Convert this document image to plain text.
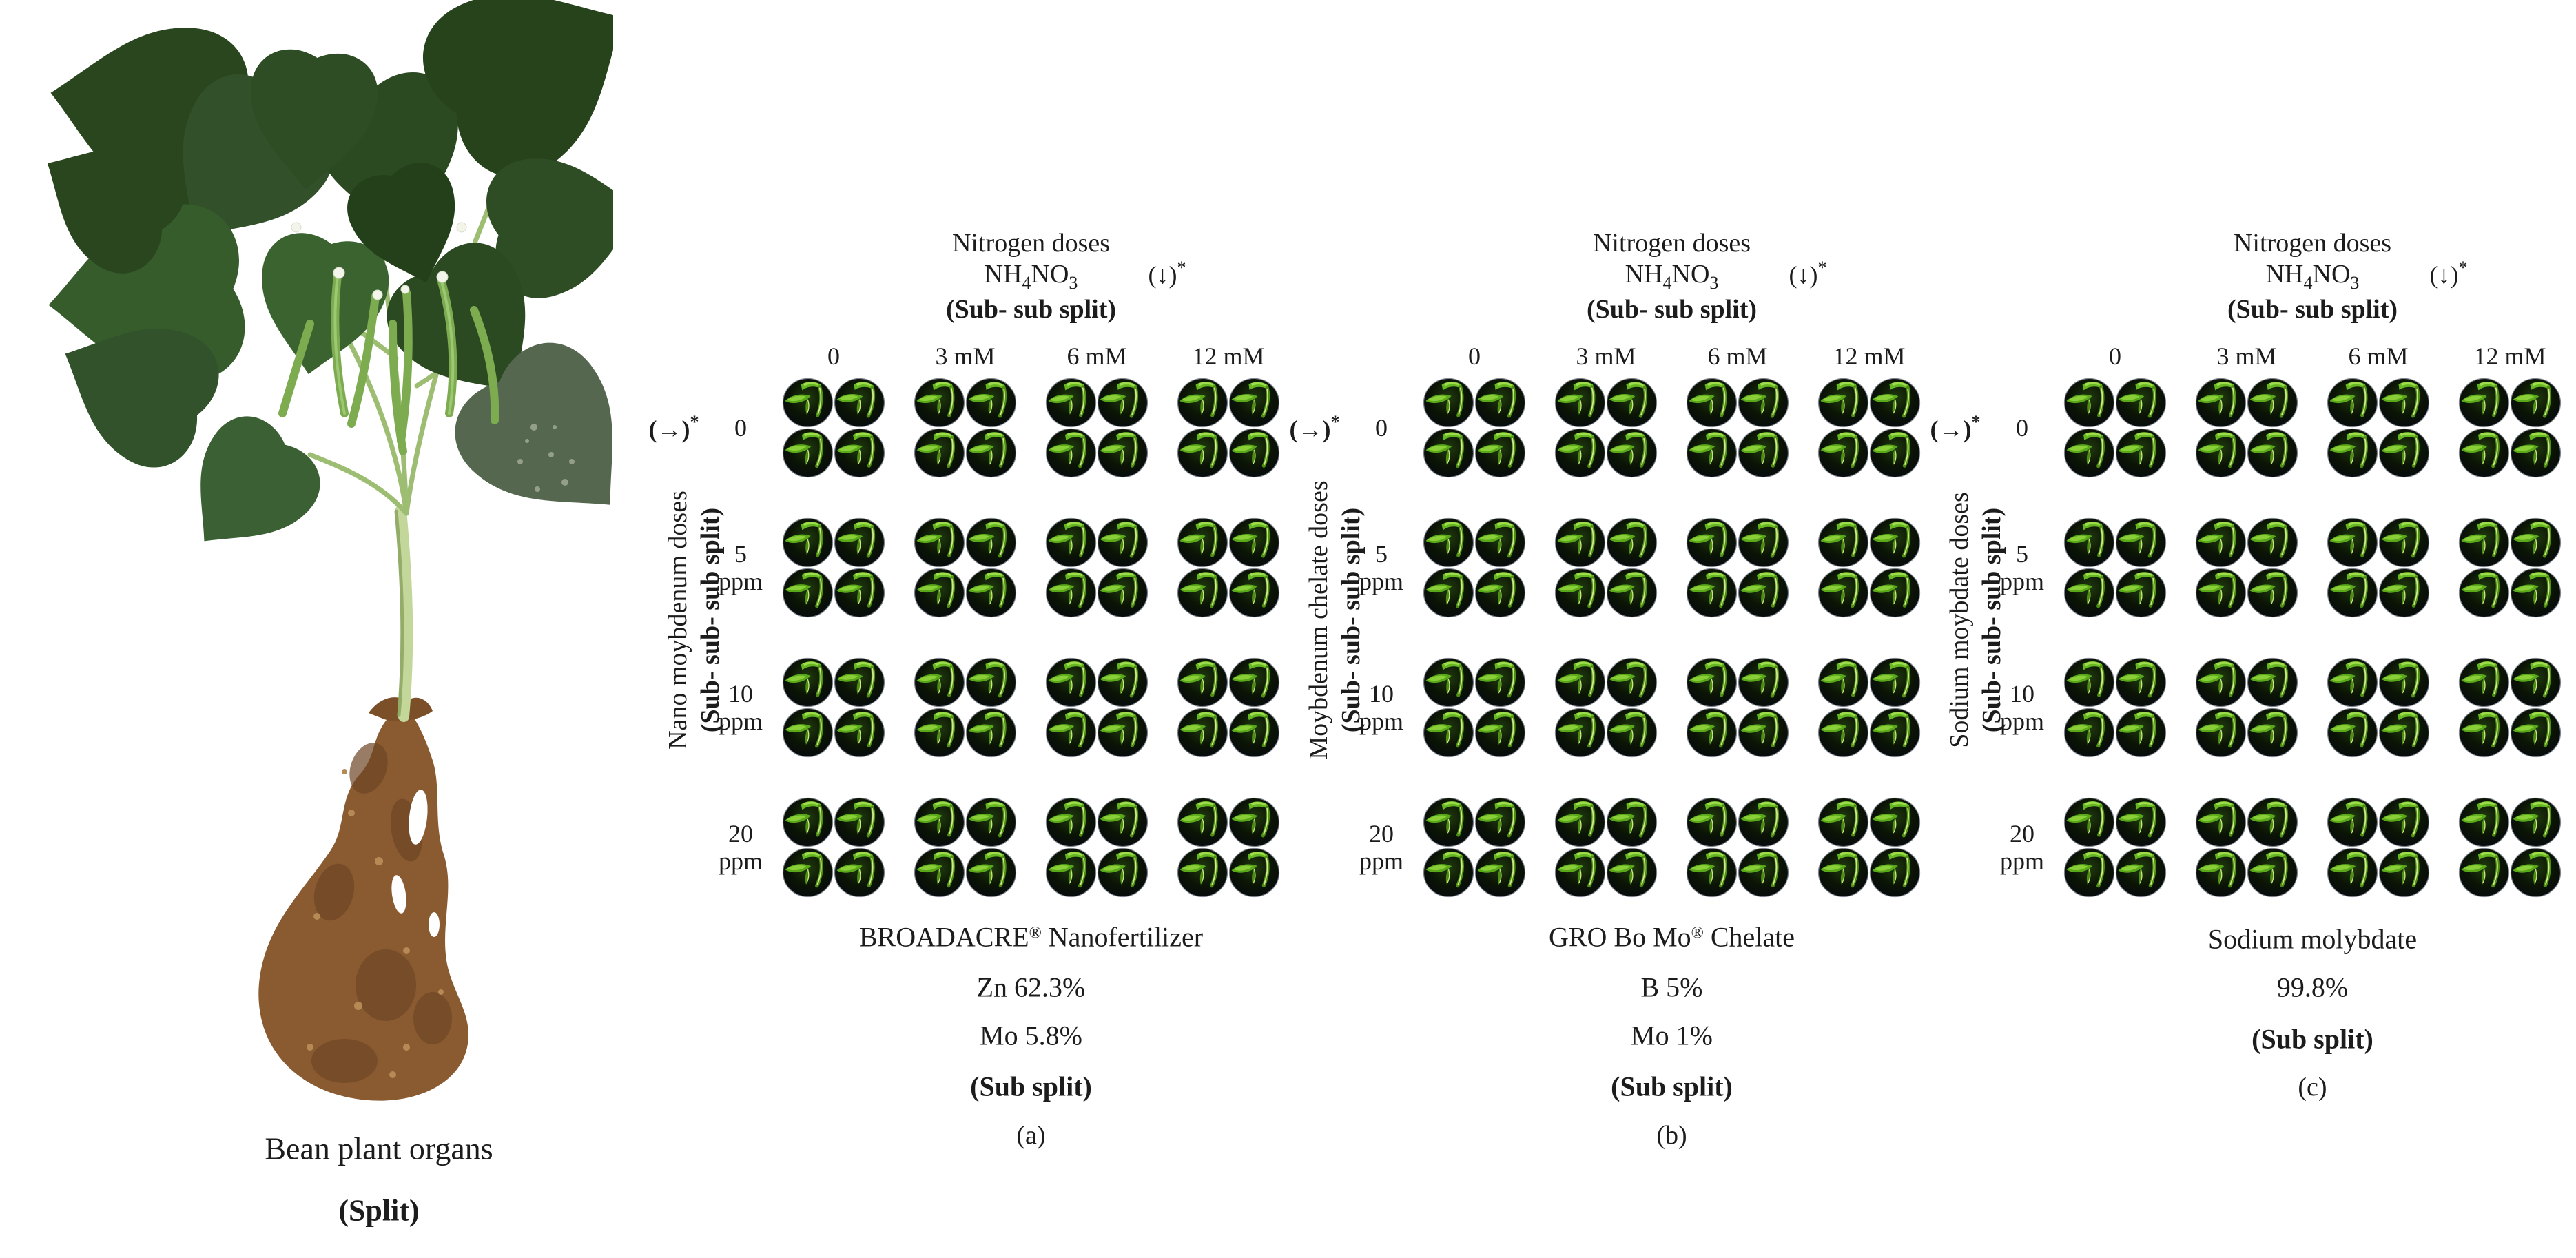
Bean plant organs
(Split)
Nitrogen doses
$NH_4NO_3$
(Sub- sub split)
(↓)*
(→)*
0	3 mM	6 mM	12 mM
0
5
ppm
10
ppm
20
ppm
Nano moybdenum doses (Sub- sub- sub split)
BROADACRE® Nanofertilizer
Zn 62.3%
Mo 5.8%
(Sub split)
(a)
Nitrogen doses
$NH_4NO_3$
(Sub- sub split)
(↓)*
(→)*
0	3 mM	6 mM	12 mM
0
5
ppm
10
ppm
20
ppm
Moybdenum chelate doses (Sub- sub- sub split)
GRO Bo Mo® Chelate
B 5%
Mo 1%
(Sub split)
(b)
Nitrogen doses
$NH_4NO_3$
(Sub- sub split)
(↓)*
(→)*
0	3 mM	6 mM	12 mM
0
5
ppm
10
ppm
20
ppm
Sodium moybdate doses (Sub- sub- sub split)
Sodium molybdate
99.8%
(Sub split)
(c)
